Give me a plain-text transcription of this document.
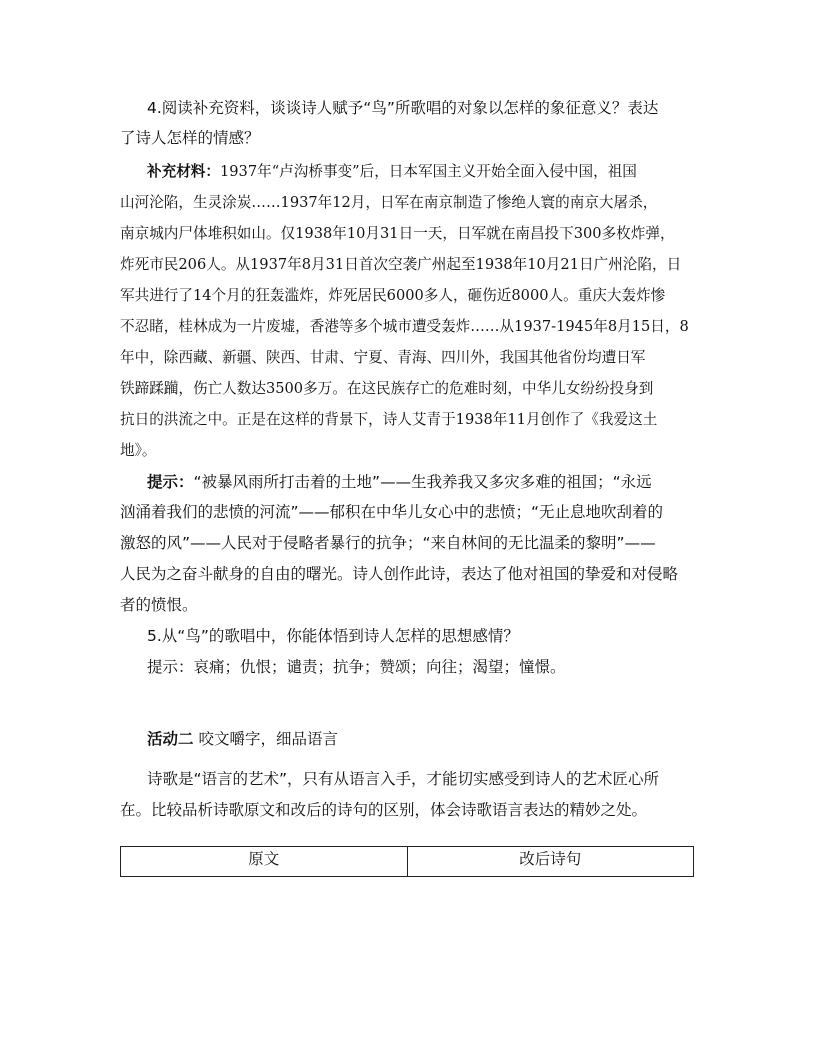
4.阅读补充资料，谈谈诗人赋予“鸟”所歌唱的对象以怎样的象征意义？表达
了诗人怎样的情感？
补充材料：1937年“卢沟桥事变”后，日本军国主义开始全面入侵中国，祖国
山河沦陷，生灵涂炭……1937年12月，日军在南京制造了惨绝人寰的南京大屠杀，
南京城内尸体堆积如山。仅1938年10月31日一天，日军就在南昌投下300多枚炸弹，
炸死市民206人。从1937年8月31日首次空袭广州起至1938年10月21日广州沦陷，日
军共进行了14个月的狂轰滥炸，炸死居民6000多人，砸伤近8000人。重庆大轰炸惨
不忍睹，桂林成为一片废墟，香港等多个城市遭受轰炸……从1937-1945年8月15日，8
年中，除西藏、新疆、陕西、甘肃、宁夏、青海、四川外，我国其他省份均遭日军
铁蹄蹂躏，伤亡人数达3500多万。在这民族存亡的危难时刻，中华儿女纷纷投身到
抗日的洪流之中。正是在这样的背景下，诗人艾青于1938年11月创作了《我爱这土
地》。
提示：“被暴风雨所打击着的土地”——生我养我又多灾多难的祖国；“永远
汹涌着我们的悲愤的河流”——郁积在中华儿女心中的悲愤；“无止息地吹刮着的
激怒的风”——人民对于侵略者暴行的抗争；“来自林间的无比温柔的黎明”——
人民为之奋斗献身的自由的曙光。诗人创作此诗，表达了他对祖国的挚爱和对侵略
者的愤恨。
5.从“鸟”的歌唱中，你能体悟到诗人怎样的思想感情？
提示：哀痛；仇恨；谴责；抗争；赞颂；向往；渴望；憧憬。
活动二 咬文嚼字，细品语言
诗歌是“语言的艺术”，只有从语言入手，才能切实感受到诗人的艺术匠心所
在。比较品析诗歌原文和改后的诗句的区别，体会诗歌语言表达的精妙之处。
原文	改后诗句
